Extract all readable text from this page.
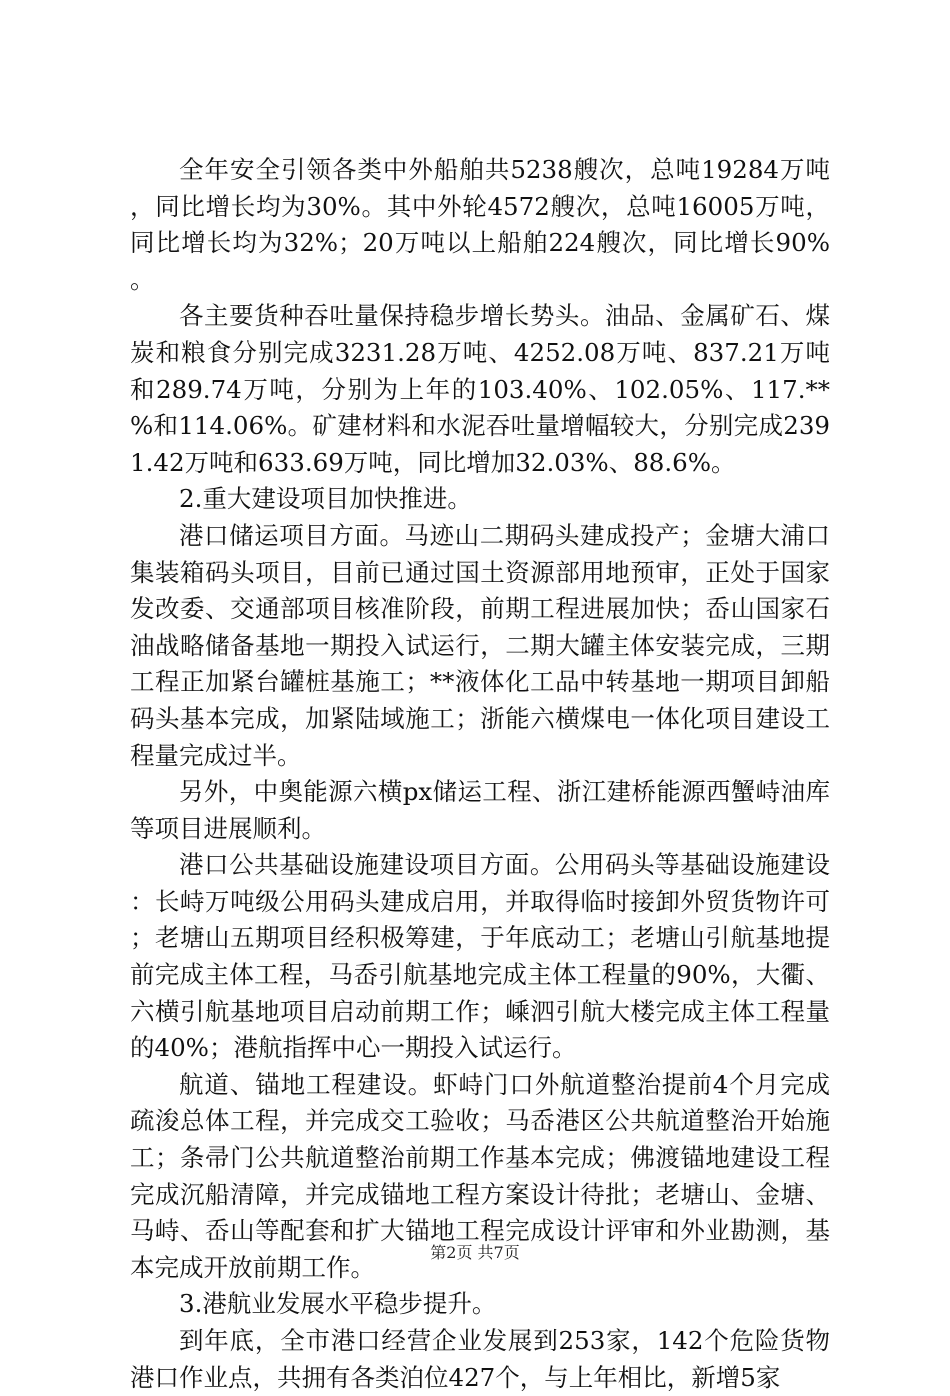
全年安全引领各类中外船舶共5238艘次，总吨19284万吨，同比增长均为30%。其中外轮4572艘次，总吨16005万吨，同比增长均为32%；20万吨以上船舶224艘次，同比增长90%。

各主要货种吞吐量保持稳步增长势头。油品、金属矿石、煤炭和粮食分别完成3231.28万吨、4252.08万吨、837.21万吨和289.74万吨，分别为上年的103.40%、102.05%、117.**%和114.06%。矿建材料和水泥吞吐量增幅较大，分别完成2391.42万吨和633.69万吨，同比增加32.03%、88.6%。

2.重大建设项目加快推进。

港口储运项目方面。马迹山二期码头建成投产；金塘大浦口集装箱码头项目，目前已通过国土资源部用地预审，正处于国家发改委、交通部项目核准阶段，前期工程进展加快；岙山国家石油战略储备基地一期投入试运行，二期大罐主体安装完成，三期工程正加紧台罐桩基施工；**液体化工品中转基地一期项目卸船码头基本完成，加紧陆域施工；浙能六横煤电一体化项目建设工程量完成过半。

另外，中奥能源六横px储运工程、浙江建桥能源西蟹峙油库等项目进展顺利。

港口公共基础设施建设项目方面。公用码头等基础设施建设：长峙万吨级公用码头建成启用，并取得临时接卸外贸货物许可；老塘山五期项目经积极筹建，于年底动工；老塘山引航基地提前完成主体工程，马岙引航基地完成主体工程量的90%，大衢、六横引航基地项目启动前期工作；嵊泗引航大楼完成主体工程量的40%；港航指挥中心一期投入试运行。

航道、锚地工程建设。虾峙门口外航道整治提前4个月完成疏浚总体工程，并完成交工验收；马岙港区公共航道整治开始施工；条帚门公共航道整治前期工作基本完成；佛渡锚地建设工程完成沉船清障，并完成锚地工程方案设计待批；老塘山、金塘、马峙、岙山等配套和扩大锚地工程完成设计评审和外业勘测，基本完成开放前期工作。

3.港航业发展水平稳步提升。

到年底，全市港口经营企业发展到253家，142个危险货物港口作业点，共拥有各类泊位427个，与上年相比，新增5家

第2页 共7页
